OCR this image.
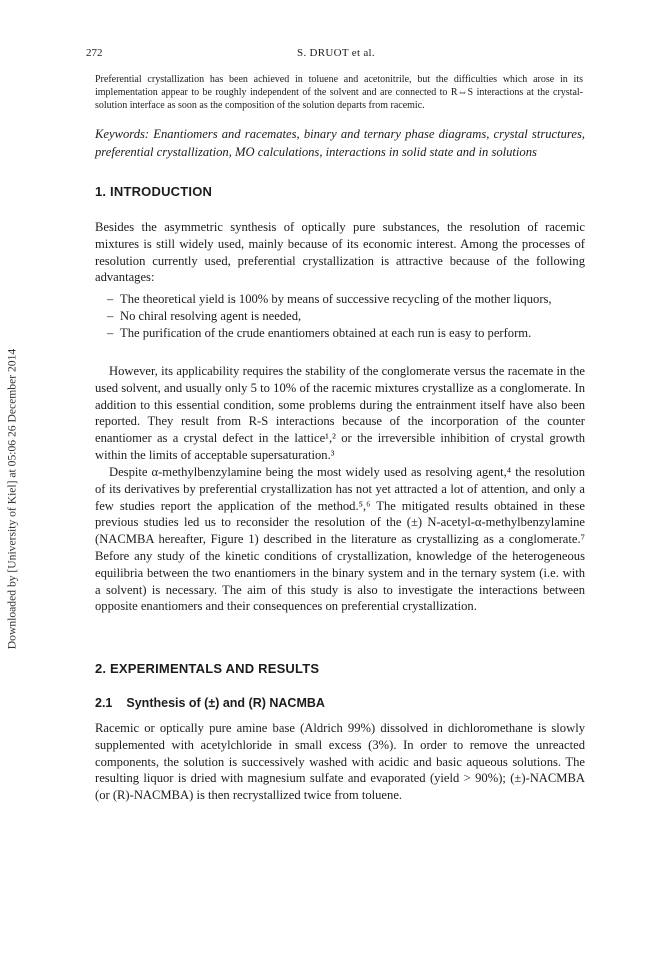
272	S. DRUOT et al.

Preferential crystallization has been achieved in toluene and acetonitrile, but the difficulties which arose in its implementation appear to be roughly independent of the solvent and are connected to R⇔S interactions at the crystal-solution interface as soon as the composition of the solution departs from racemic.

Keywords: Enantiomers and racemates, binary and ternary phase diagrams, crystal structures, preferential crystallization, MO calculations, interactions in solid state and in solutions

1. INTRODUCTION

Besides the asymmetric synthesis of optically pure substances, the resolution of racemic mixtures is still widely used, mainly because of its economic interest. Among the processes of resolution currently used, preferential crystallization is attractive because of the following advantages:

– The theoretical yield is 100% by means of successive recycling of the mother liquors,
– No chiral resolving agent is needed,
– The purification of the crude enantiomers obtained at each run is easy to perform.

However, its applicability requires the stability of the conglomerate versus the racemate in the used solvent, and usually only 5 to 10% of the racemic mixtures crystallize as a conglomerate. In addition to this essential condition, some problems during the entrainment itself have also been reported. They result from R-S interactions because of the incorporation of the counter enantiomer as a crystal defect in the lattice¹,² or the irreversible inhibition of crystal growth within the limits of acceptable supersaturation.³

Despite α-methylbenzylamine being the most widely used as resolving agent,⁴ the resolution of its derivatives by preferential crystallization has not yet attracted a lot of attention, and only a few studies report the application of the method.⁵,⁶ The mitigated results obtained in these previous studies led us to reconsider the resolution of the (±) N-acetyl-α-methylbenzylamine (NACMBA hereafter, Figure 1) described in the literature as crystallizing as a conglomerate.⁷ Before any study of the kinetic conditions of crystallization, knowledge of the heterogeneous equilibria between the two enantiomers in the binary system and in the ternary system (i.e. with a solvent) is necessary. The aim of this study is also to investigate the interactions between opposite enantiomers and their consequences on preferential crystallization.

2. EXPERIMENTALS AND RESULTS
2.1 Synthesis of (±) and (R) NACMBA

Racemic or optically pure amine base (Aldrich 99%) dissolved in dichloromethane is slowly supplemented with acetylchloride in small excess (3%). In order to remove the unreacted components, the solution is successively washed with acidic and basic aqueous solutions. The resulting liquor is dried with magnesium sulfate and evaporated (yield > 90%); (±)-NACMBA (or (R)-NACMBA) is then recrystallized twice from toluene.

Downloaded by [University of Kiel] at 05:06 26 December 2014
